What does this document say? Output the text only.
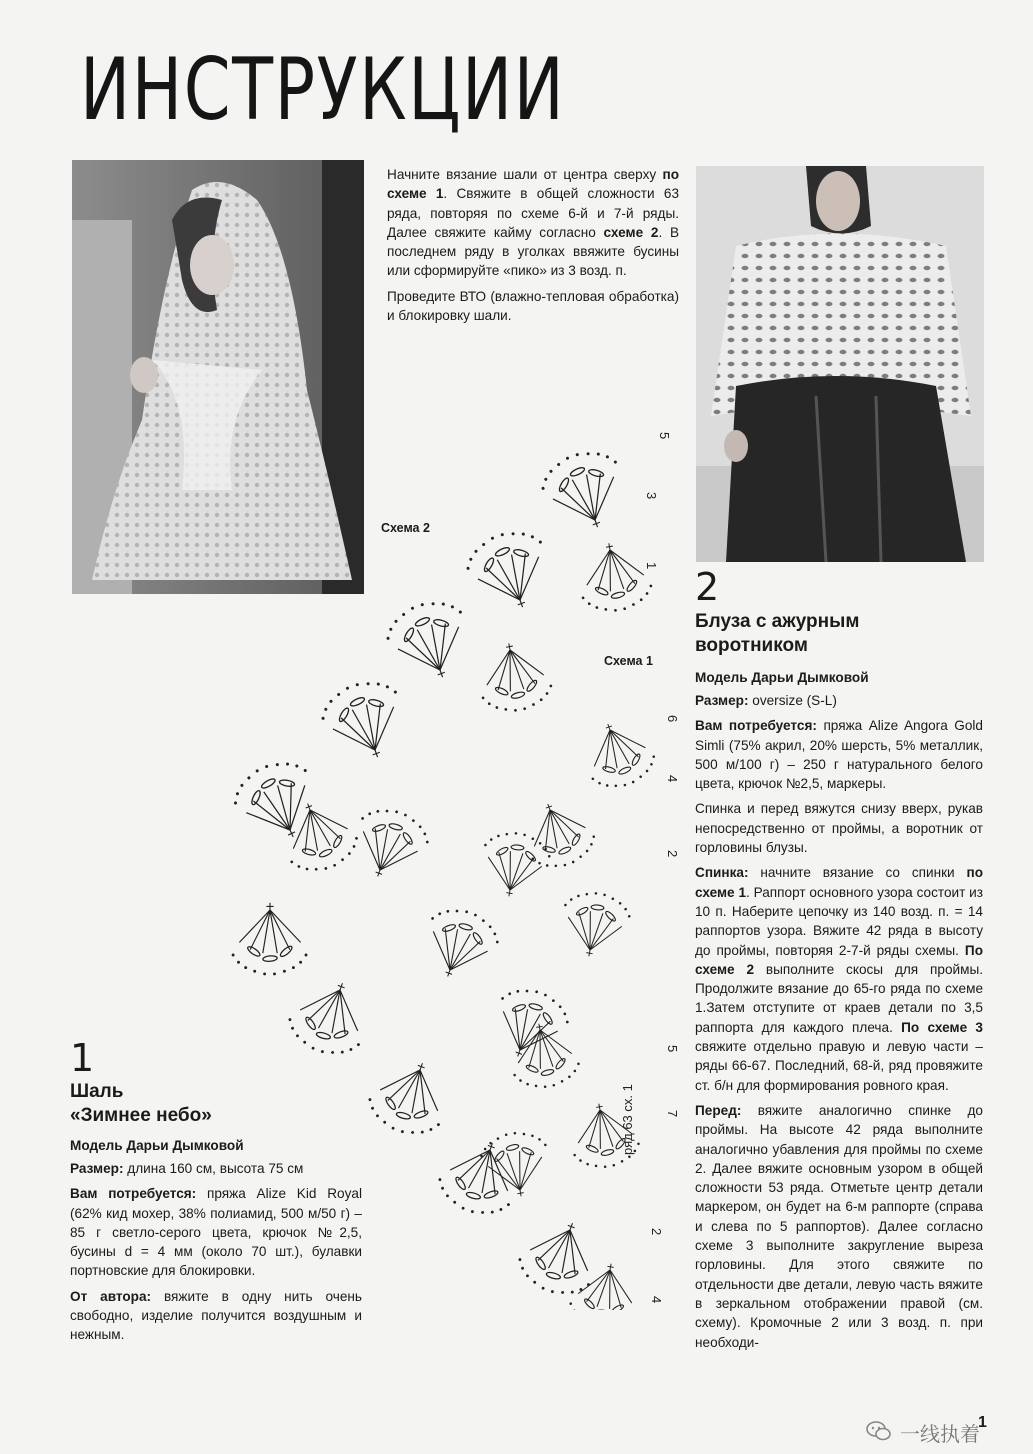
ИНСТРУКЦИИ

Начните вязание шали от центра сверху по схеме 1. Свяжите в общей сложности 63 ряда, повторяя по схеме 6-й и 7-й ряды. Далее свяжите кайму согласно схеме 2. В последнем ряду в уголках ввяжите бусины или сформируйте «пико» из 3 возд. п.

Проведите ВТО (влажно-тепловая обработка) и блокировку шали.

5
3
1
6
4
2
5
7
2
4
ряд 63 сх. 1
Схема 2
Схема 1
1
Шаль
«Зимнее небо»
Модель Дарьи Дымковой

Размер: длина 160 см, высота 75 см

Вам потребуется: пряжа Alize Kid Royal (62% кид мохер, 38% полиамид, 500 м/50 г) – 85 г светло-серого цвета, крючок №2,5, бусины d = 4 мм (около 70 шт.), булавки портновские для блокировки.

От автора: вяжите в одну нить очень свободно, изделие получится воздушным и нежным.

2
Блуза с ажурным
воротником
Модель Дарьи Дымковой

Размер: oversize (S-L)

Вам потребуется: пряжа Alize Angora Gold Simli (75% акрил, 20% шерсть, 5% металлик, 500 м/100 г) – 250 г натурального белого цвета, крючок №2,5, маркеры.

Спинка и перед вяжутся снизу вверх, рукав непосредственно от проймы, а воротник от горловины блузы.

Спинка: начните вязание со спинки по схеме 1. Раппорт основного узора состоит из 10 п. Наберите цепочку из 140 возд. п. = 14 раппортов узора. Вяжите 42 ряда в высоту до проймы, повторяя 2-7-й ряды схемы. По схеме 2 выполните скосы для проймы. Продолжите вязание до 65-го ряда по схеме 1.Затем отступите от краев детали по 3,5 раппорта для каждого плеча. По схеме 3 свяжите отдельно правую и левую части – ряды 66-67. Последний, 68-й, ряд провяжите ст. б/н для формирования ровного края.

Перед: вяжите аналогично спинке до проймы. На высоте 42 ряда выполните аналогично убавления для проймы по схеме 2. Далее вяжите основным узором в общей сложности 53 ряда. Отметьте центр детали маркером, он будет на 6-м раппорте (справа и слева по 5 раппортов). Далее согласно схеме 3 выполните закругление выреза горловины. Для этого свяжите по отдельности две детали, левую часть вяжите в зеркальном отображении правой (см. схему). Кромочные 2 или 3 возд. п. при необходи-

一线执着
1
